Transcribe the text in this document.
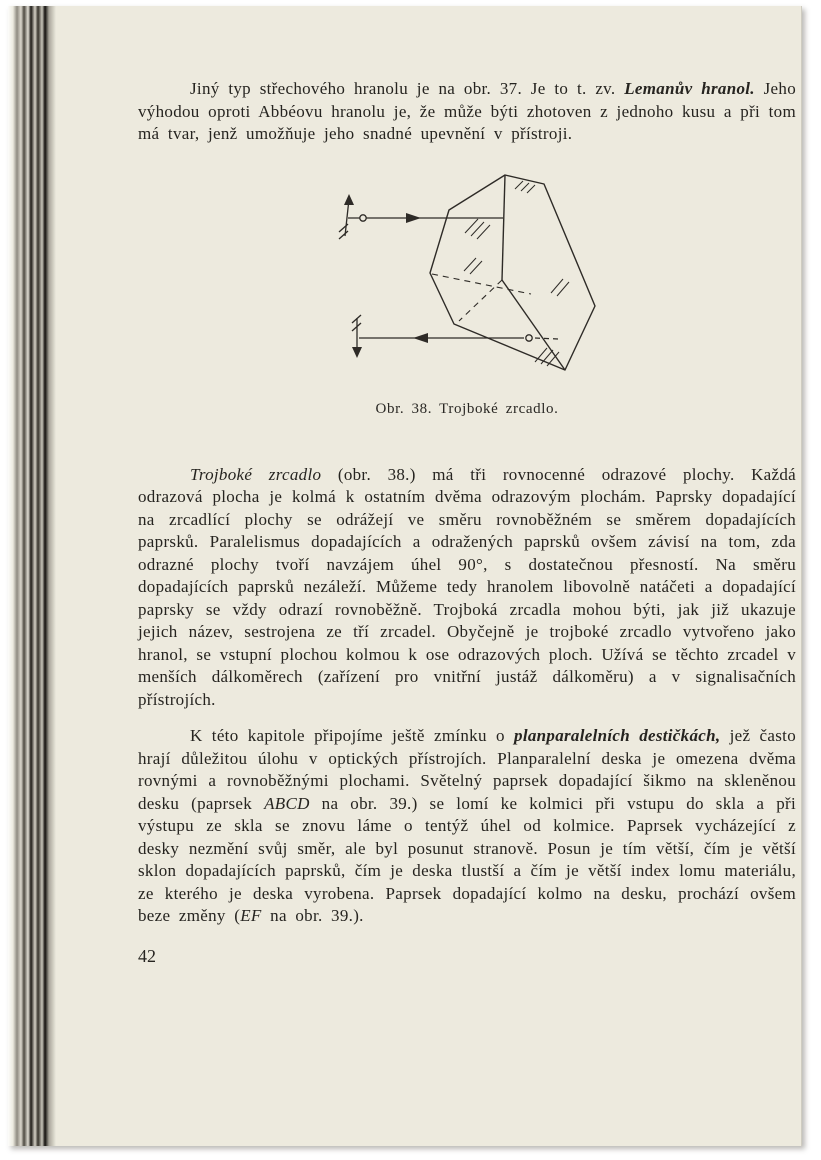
Jiný typ střechového hranolu je na obr. 37. Je to t. zv. Lemanův hranol. Jeho výhodou oproti Abbéovu hranolu je, že může býti zhotoven z jednoho kusu a při tom má tvar, jenž umožňuje jeho snadné upevnění v přístroji.

Obr. 38. Trojboké zrcadlo.

Trojboké zrcadlo (obr. 38.) má tři rovnocenné odrazové plochy. Každá odrazová plocha je kolmá k ostatním dvěma odrazovým plochám. Paprsky dopadající na zrcadlící plochy se odrážejí ve směru rovnoběžném se směrem dopadajících paprsků. Paralelismus dopadajících a odražených paprsků ovšem závisí na tom, zda odrazné plochy tvoří navzájem úhel 90°, s dostatečnou přesností. Na směru dopadajících paprsků nezáleží. Můžeme tedy hranolem libovolně natáčeti a dopadající paprsky se vždy odrazí rovnoběžně. Trojboká zrcadla mohou býti, jak již ukazuje jejich název, sestrojena ze tří zrcadel. Obyčejně je trojboké zrcadlo vytvořeno jako hranol, se vstupní plochou kolmou k ose odrazových ploch. Užívá se těchto zrcadel v menších dálkoměrech (zařízení pro vnitřní justáž dálkoměru) a v signalisačních přístrojích.

K této kapitole připojíme ještě zmínku o planparalelních destičkách, jež často hrají důležitou úlohu v optických přístrojích. Planparalelní deska je omezena dvěma rovnými a rovnoběžnými plochami. Světelný paprsek dopadající šikmo na skleněnou desku (paprsek ABCD na obr. 39.) se lomí ke kolmici při vstupu do skla a při výstupu ze skla se znovu láme o tentýž úhel od kolmice. Paprsek vycházející z desky nezmění svůj směr, ale byl posunut stranově. Posun je tím větší, čím je větší sklon dopadajících paprsků, čím je deska tlustší a čím je větší index lomu materiálu, ze kterého je deska vyrobena. Paprsek dopadající kolmo na desku, prochází ovšem beze změny (EF na obr. 39.).

42
